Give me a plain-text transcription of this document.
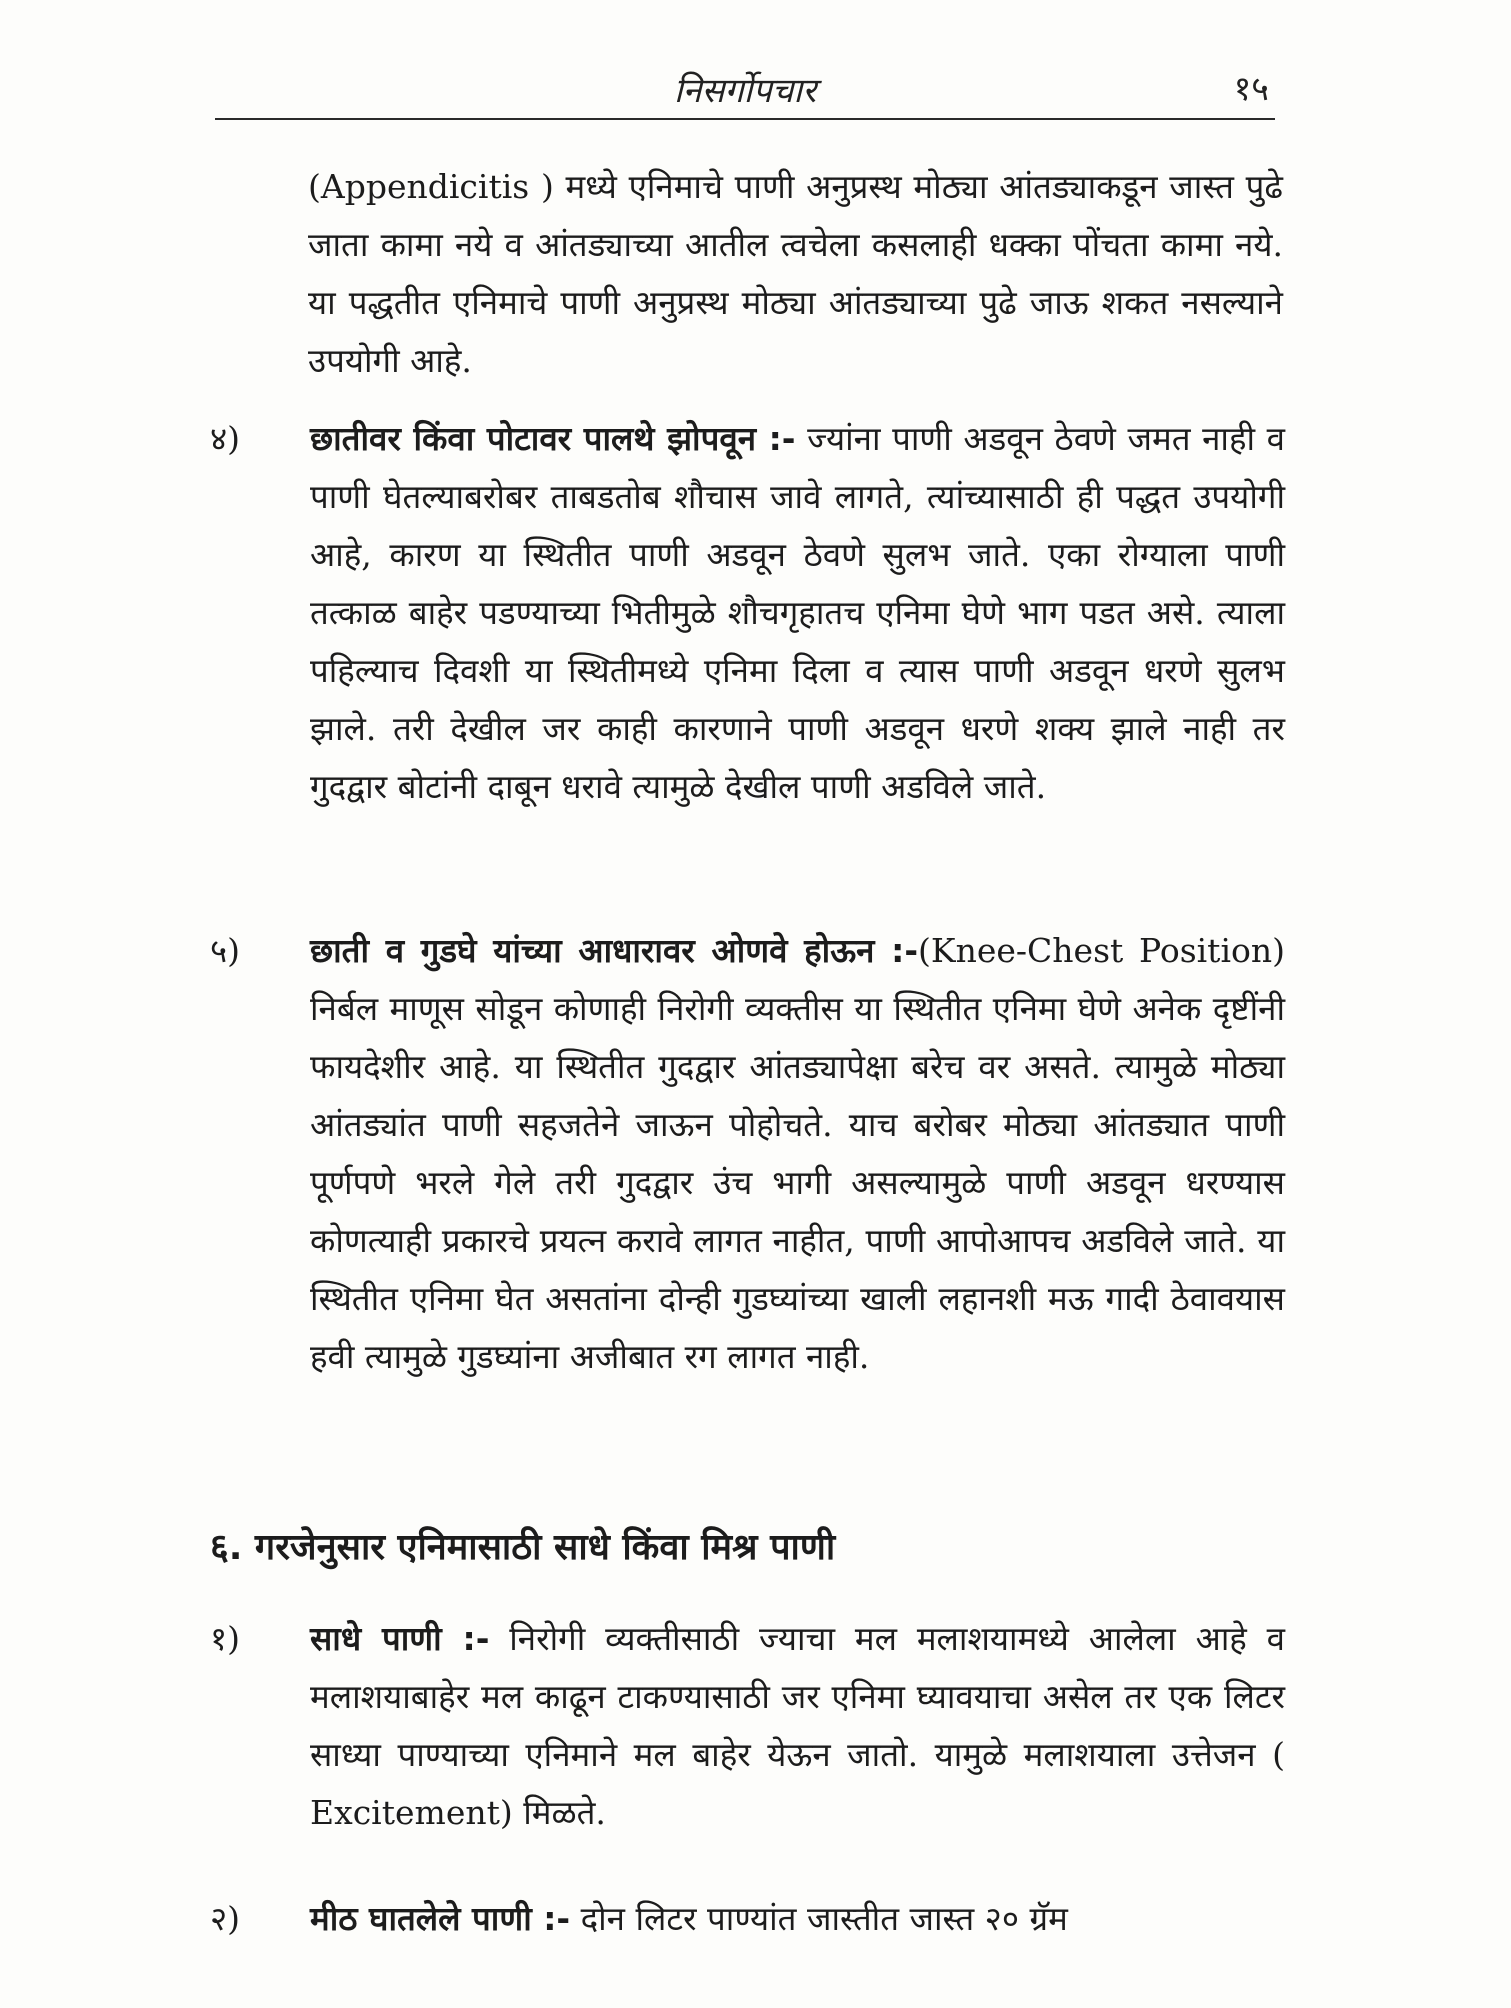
निसर्गोपचार	१५
(Appendicitis ) मध्ये एनिमाचे पाणी अनुप्रस्थ मोठ्या आंतड्याकडून जास्त पुढे जाता कामा नये व आंतड्याच्या आतील त्वचेला कसलाही धक्का पोंचता कामा नये. या पद्धतीत एनिमाचे पाणी अनुप्रस्थ मोठ्या आंतड्याच्या पुढे जाऊ शकत नसल्याने उपयोगी आहे.
४) छातीवर किंवा पोटावर पालथे झोपवून :- ज्यांना पाणी अडवून ठेवणे जमत नाही व पाणी घेतल्याबरोबर ताबडतोब शौचास जावे लागते, त्यांच्यासाठी ही पद्धत उपयोगी आहे, कारण या स्थितीत पाणी अडवून ठेवणे सुलभ जाते. एका रोग्याला पाणी तत्काळ बाहेर पडण्याच्या भितीमुळे शौचगृहातच एनिमा घेणे भाग पडत असे. त्याला पहिल्याच दिवशी या स्थितीमध्ये एनिमा दिला व त्यास पाणी अडवून धरणे सुलभ झाले. तरी देखील जर काही कारणाने पाणी अडवून धरणे शक्य झाले नाही तर गुदद्वार बोटांनी दाबून धरावे त्यामुळे देखील पाणी अडविले जाते.
५) छाती व गुडघे यांच्या आधारावर ओणवे होऊन :-(Knee-Chest Position) निर्बल माणूस सोडून कोणाही निरोगी व्यक्तीस या स्थितीत एनिमा घेणे अनेक दृष्टींनी फायदेशीर आहे. या स्थितीत गुदद्वार आंतड्यापेक्षा बरेच वर असते. त्यामुळे मोठ्या आंतड्यांत पाणी सहजतेने जाऊन पोहोचते. याच बरोबर मोठ्या आंतड्यात पाणी पूर्णपणे भरले गेले तरी गुदद्वार उंच भागी असल्यामुळे पाणी अडवून धरण्यास कोणत्याही प्रकारचे प्रयत्न करावे लागत नाहीत, पाणी आपोआपच अडविले जाते. या स्थितीत एनिमा घेत असतांना दोन्ही गुडघ्यांच्या खाली लहानशी मऊ गादी ठेवावयास हवी त्यामुळे गुडघ्यांना अजीबात रग लागत नाही.
६. गरजेनुसार एनिमासाठी साधे किंवा मिश्र पाणी
१) साधे पाणी :- निरोगी व्यक्तीसाठी ज्याचा मल मलाशयामध्ये आलेला आहे व मलाशयाबाहेर मल काढून टाकण्यासाठी जर एनिमा घ्यावयाचा असेल तर एक लिटर साध्या पाण्याच्या एनिमाने मल बाहेर येऊन जातो. यामुळे मलाशयाला उत्तेजन ( Excitement) मिळते.
२) मीठ घातलेले पाणी :- दोन लिटर पाण्यांत जास्तीत जास्त २० ग्रॅम
